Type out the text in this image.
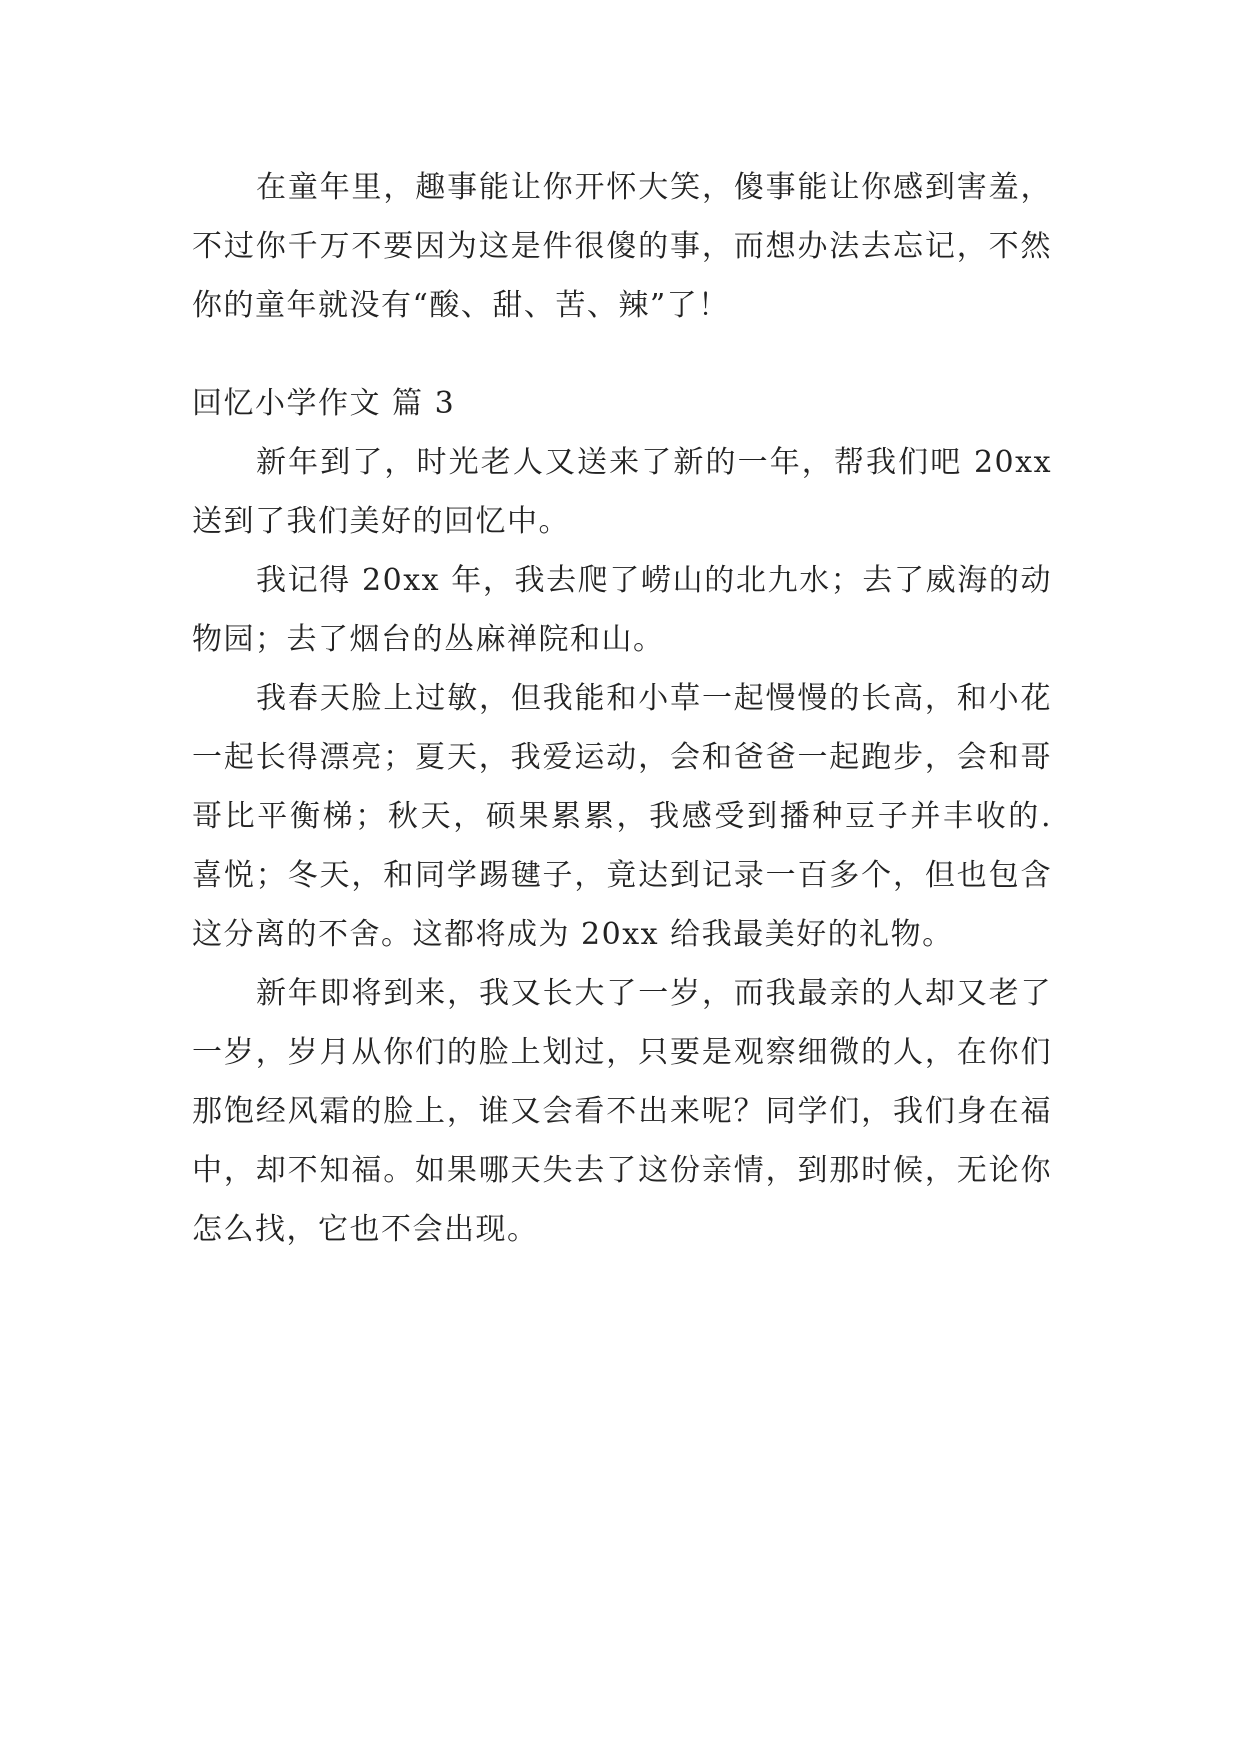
在童年里，趣事能让你开怀大笑，傻事能让你感到害羞，不过你千万不要因为这是件很傻的事，而想办法去忘记，不然你的童年就没有“酸、甜、苦、辣”了！

回忆小学作文 篇 3

新年到了，时光老人又送来了新的一年，帮我们吧 20xx 送到了我们美好的回忆中。

我记得 20xx 年，我去爬了崂山的北九水；去了威海的动物园；去了烟台的丛麻禅院和山。

我春天脸上过敏，但我能和小草一起慢慢的长高，和小花一起长得漂亮；夏天，我爱运动，会和爸爸一起跑步，会和哥哥比平衡梯；秋天，硕果累累，我感受到播种豆子并丰收的.喜悦；冬天，和同学踢毽子，竟达到记录一百多个，但也包含这分离的不舍。这都将成为 20xx 给我最美好的礼物。

新年即将到来，我又长大了一岁，而我最亲的人却又老了一岁，岁月从你们的脸上划过，只要是观察细微的人，在你们那饱经风霜的脸上，谁又会看不出来呢？同学们，我们身在福中，却不知福。如果哪天失去了这份亲情，到那时候，无论你怎么找，它也不会出现。
